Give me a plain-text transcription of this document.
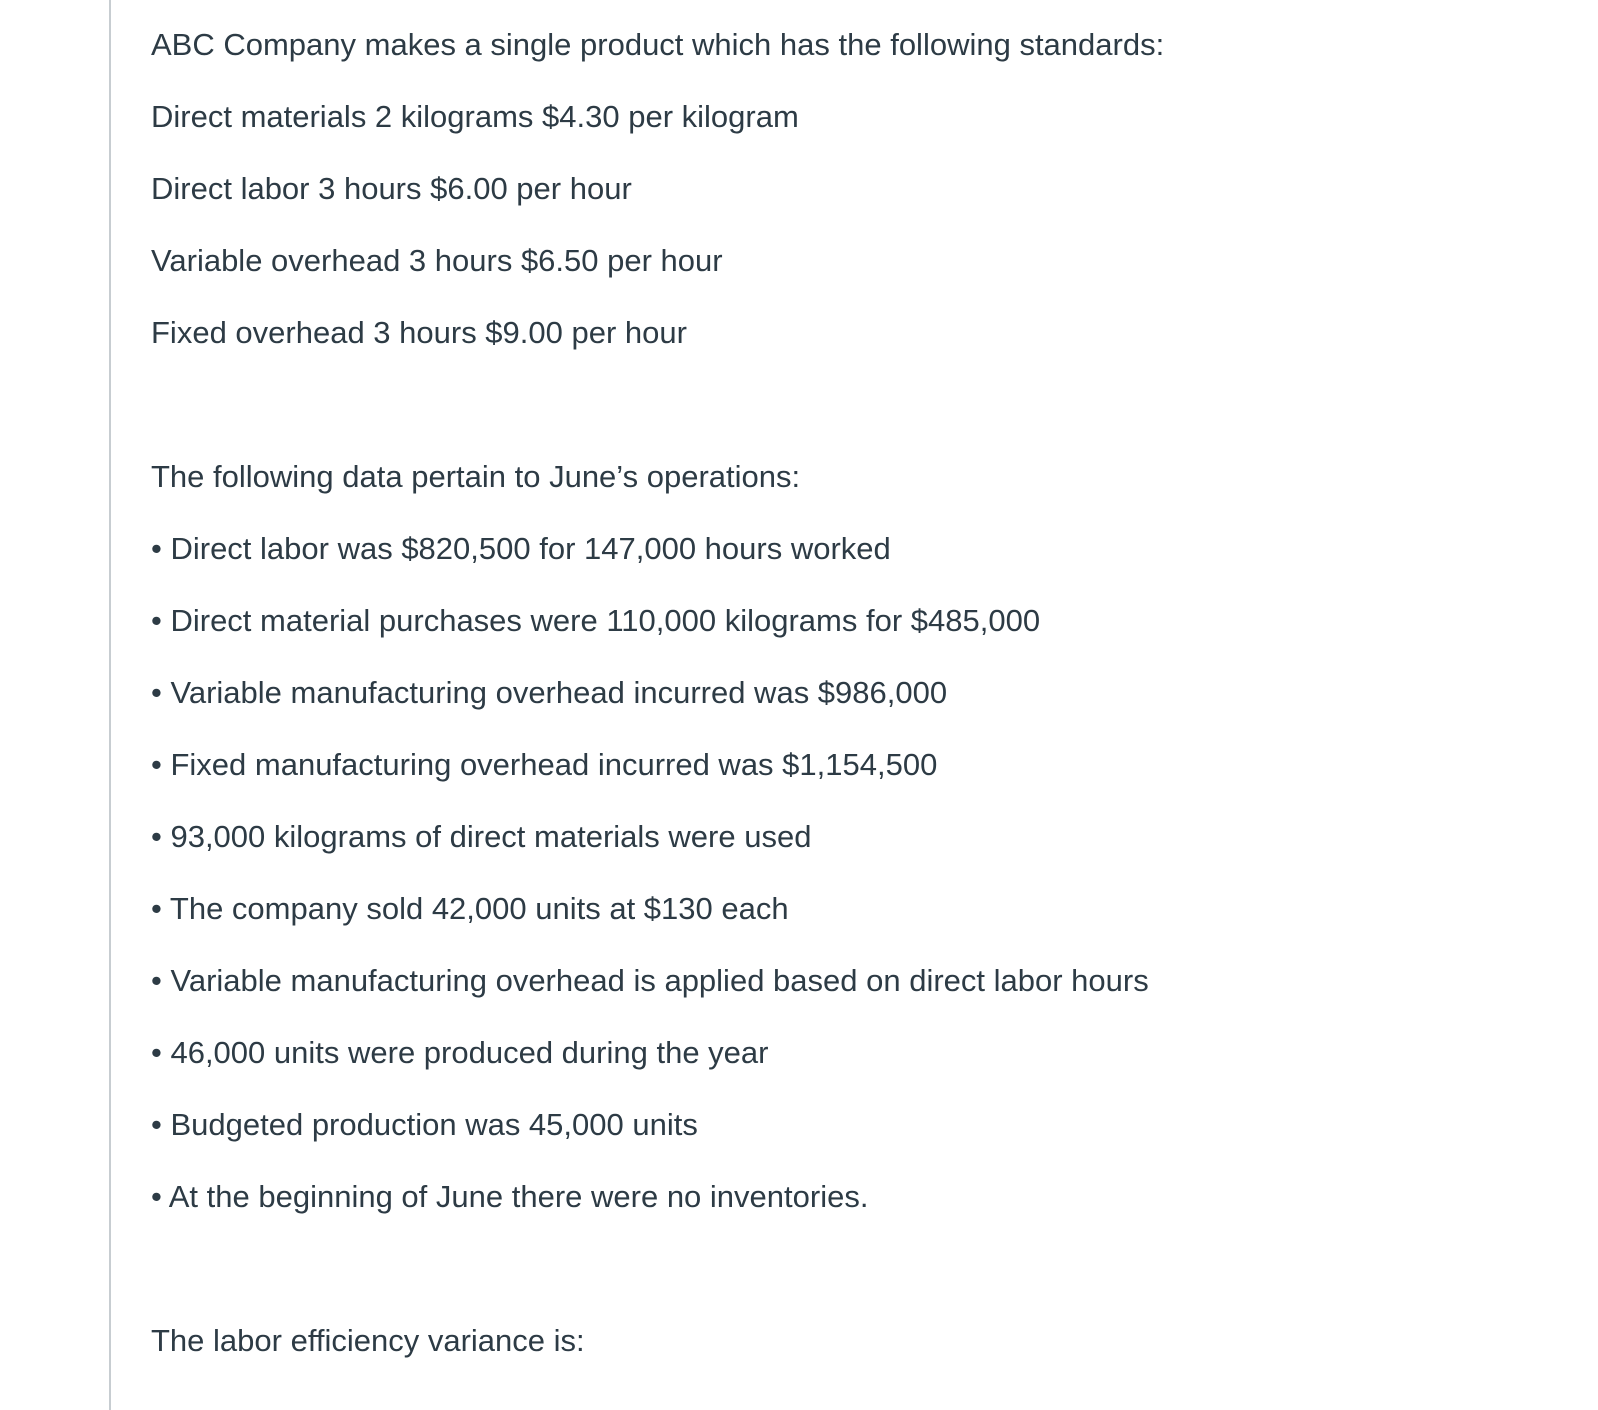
ABC Company makes a single product which has the following standards:
Direct materials 2 kilograms $4.30 per kilogram
Direct labor 3 hours $6.00 per hour
Variable overhead 3 hours $6.50 per hour
Fixed overhead 3 hours $9.00 per hour
The following data pertain to June’s operations:
• Direct labor was $820,500 for 147,000 hours worked
• Direct material purchases were 110,000 kilograms for $485,000
• Variable manufacturing overhead incurred was $986,000
• Fixed manufacturing overhead incurred was $1,154,500
• 93,000 kilograms of direct materials were used
• The company sold 42,000 units at $130 each
• Variable manufacturing overhead is applied based on direct labor hours
• 46,000 units were produced during the year
• Budgeted production was 45,000 units
• At the beginning of June there were no inventories.
The labor efficiency variance is:
